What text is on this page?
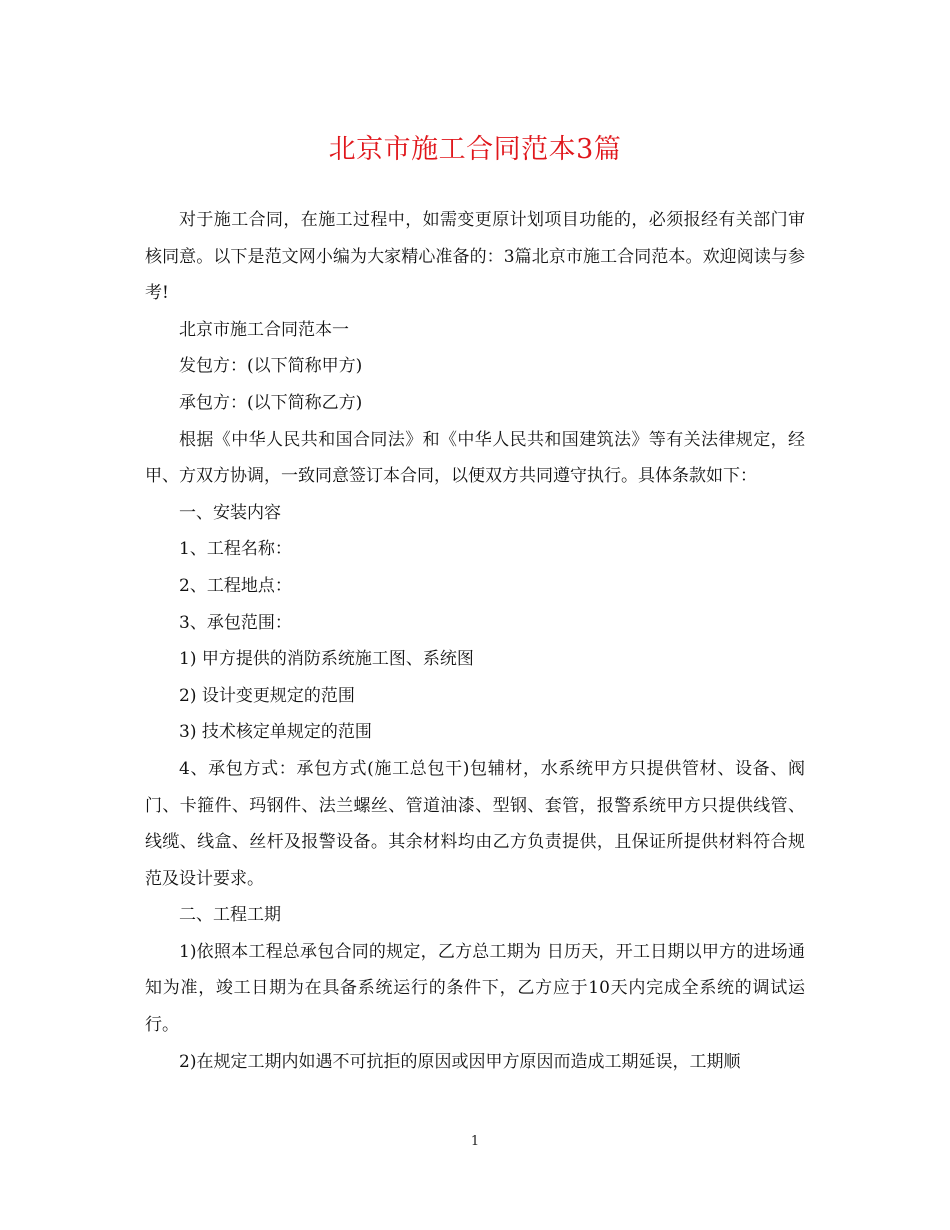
北京市施工合同范本3篇

对于施工合同，在施工过程中，如需变更原计划项目功能的，必须报经有关部门审核同意。以下是范文网小编为大家精心准备的：3篇北京市施工合同范本。欢迎阅读与参考!

北京市施工合同范本一

发包方：(以下简称甲方)

承包方：(以下简称乙方)

根据《中华人民共和国合同法》和《中华人民共和国建筑法》等有关法律规定，经甲、方双方协调，一致同意签订本合同，以便双方共同遵守执行。具体条款如下：

一、安装内容

1、工程名称：

2、工程地点：

3、承包范围：

1) 甲方提供的消防系统施工图、系统图

2) 设计变更规定的范围

3) 技术核定单规定的范围

4、承包方式：承包方式(施工总包干)包辅材，水系统甲方只提供管材、设备、阀门、卡箍件、玛钢件、法兰螺丝、管道油漆、型钢、套管，报警系统甲方只提供线管、线缆、线盒、丝杆及报警设备。其余材料均由乙方负责提供，且保证所提供材料符合规范及设计要求。

二、工程工期

1)依照本工程总承包合同的规定，乙方总工期为 日历天，开工日期以甲方的进场通知为准，竣工日期为在具备系统运行的条件下，乙方应于10天内完成全系统的调试运行。

2)在规定工期内如遇不可抗拒的原因或因甲方原因而造成工期延误，工期顺

1
